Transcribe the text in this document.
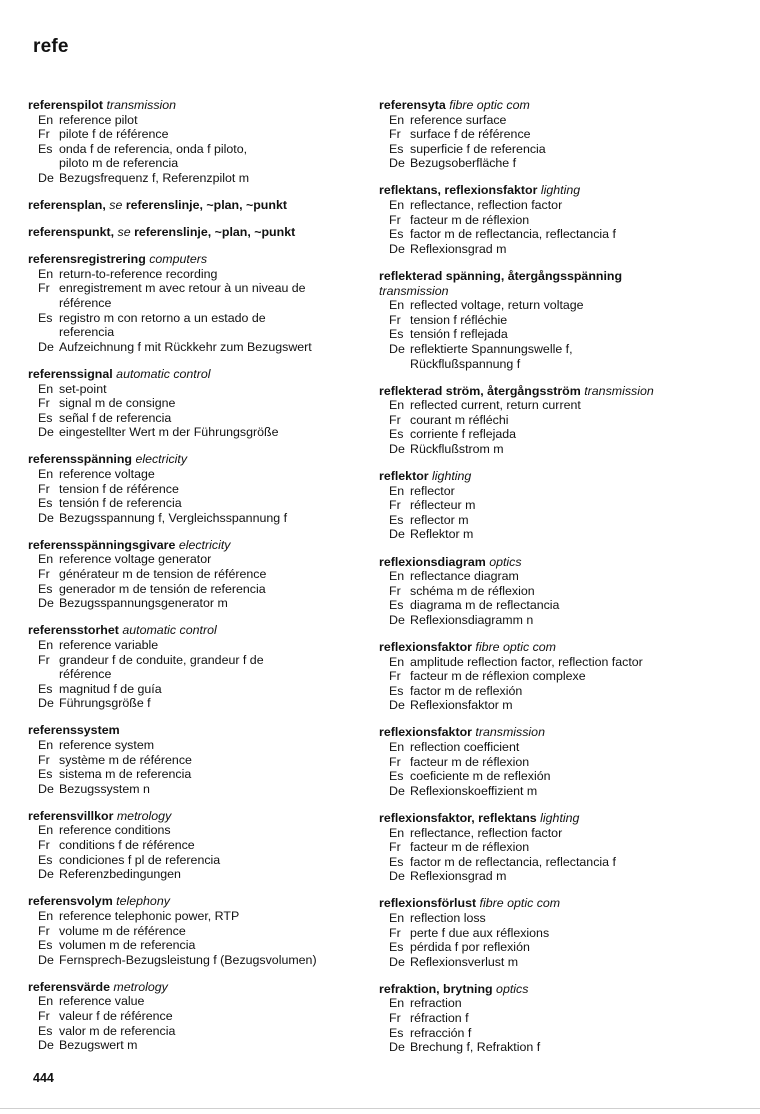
refe
referenspilot transmission
En reference pilot
Fr pilote f de référence
Es onda f de referencia, onda f piloto,
piloto m de referencia
De Bezugsfrequenz f, Referenzpilot m
referensplan, se referenslinje, ~plan, ~punkt
referenspunkt, se referenslinje, ~plan, ~punkt
referensregistrering computers
En return-to-reference recording
Fr enregistrement m avec retour à un niveau de
référence
Es registro m con retorno a un estado de
referencia
De Aufzeichnung f mit Rückkehr zum Bezugswert
referenssignal automatic control
En set-point
Fr signal m de consigne
Es señal f de referencia
De eingestellter Wert m der Führungsgröße
referensspänning electricity
En reference voltage
Fr tension f de référence
Es tensión f de referencia
De Bezugsspannung f, Vergleichsspannung f
referensspänningsgivare electricity
En reference voltage generator
Fr générateur m de tension de référence
Es generador m de tensión de referencia
De Bezugsspannungsgenerator m
referensstorhet automatic control
En reference variable
Fr grandeur f de conduite, grandeur f de
référence
Es magnitud f de guía
De Führungsgröße f
referenssystem
En reference system
Fr système m de référence
Es sistema m de referencia
De Bezugssystem n
referensvillkor metrology
En reference conditions
Fr conditions f de référence
Es condiciones f pl de referencia
De Referenzbedingungen
referensvolym telephony
En reference telephonic power, RTP
Fr volume m de référence
Es volumen m de referencia
De Fernsprech-Bezugsleistung f (Bezugsvolumen)
referensvärde metrology
En reference value
Fr valeur f de référence
Es valor m de referencia
De Bezugswert m
referensyta fibre optic com
En reference surface
Fr surface f de référence
Es superficie f de referencia
De Bezugsoberfläche f
reflektans, reflexionsfaktor lighting
En reflectance, reflection factor
Fr facteur m de réflexion
Es factor m de reflectancia, reflectancia f
De Reflexionsgrad m
reflekterad spänning, återgångsspänning
transmission
En reflected voltage, return voltage
Fr tension f réfléchie
Es tensión f reflejada
De reflektierte Spannungswelle f,
Rückflußspannung f
reflekterad ström, återgångsström transmission
En reflected current, return current
Fr courant m réfléchi
Es corriente f reflejada
De Rückflußstrom m
reflektor lighting
En reflector
Fr réflecteur m
Es reflector m
De Reflektor m
reflexionsdiagram optics
En reflectance diagram
Fr schéma m de réflexion
Es diagrama m de reflectancia
De Reflexionsdiagramm n
reflexionsfaktor fibre optic com
En amplitude reflection factor, reflection factor
Fr facteur m de réflexion complexe
Es factor m de reflexión
De Reflexionsfaktor m
reflexionsfaktor transmission
En reflection coefficient
Fr facteur m de réflexion
Es coeficiente m de reflexión
De Reflexionskoeffizient m
reflexionsfaktor, reflektans lighting
En reflectance, reflection factor
Fr facteur m de réflexion
Es factor m de reflectancia, reflectancia f
De Reflexionsgrad m
reflexionsförlust fibre optic com
En reflection loss
Fr perte f due aux réflexions
Es pérdida f por reflexión
De Reflexionsverlust m
refraktion, brytning optics
En refraction
Fr réfraction f
Es refracción f
De Brechung f, Refraktion f
444
